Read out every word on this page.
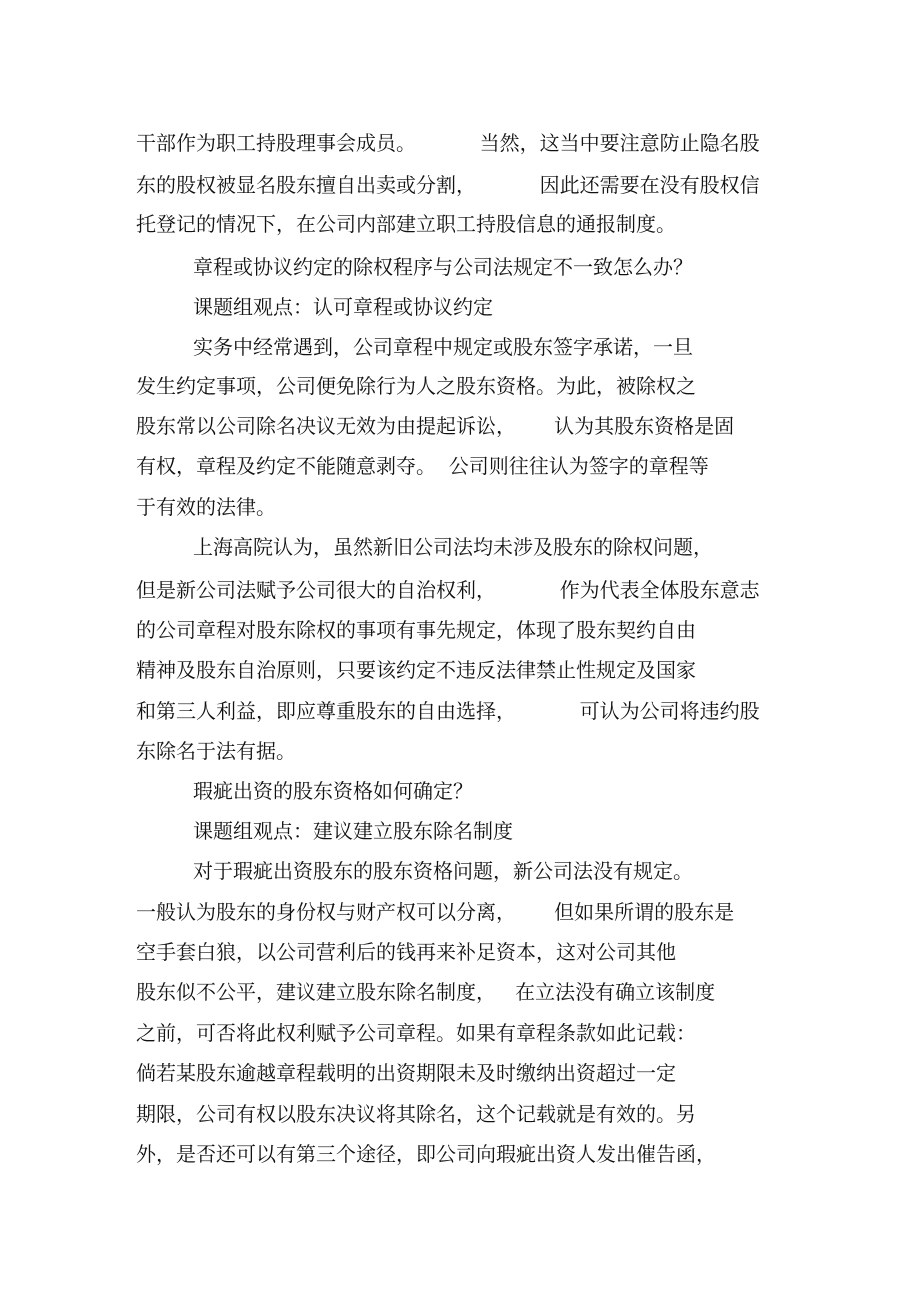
干部作为职工持股理事会成员。          当然，这当中要注意防止隐名股
东的股权被显名股东擅自出卖或分割，          因此还需要在没有股权信
托登记的情况下，在公司内部建立职工持股信息的通报制度。
章程或协议约定的除权程序与公司法规定不一致怎么办？
课题组观点：认可章程或协议约定
实务中经常遇到，公司章程中规定或股东签字承诺，一旦
发生约定事项，公司便免除行为人之股东资格。为此，被除权之
股东常以公司除名决议无效为由提起诉讼，      认为其股东资格是固
有权，章程及约定不能随意剥夺。  公司则往往认为签字的章程等
于有效的法律。
上海高院认为，虽然新旧公司法均未涉及股东的除权问题，
但是新公司法赋予公司很大的自治权利，          作为代表全体股东意志
的公司章程对股东除权的事项有事先规定，体现了股东契约自由
精神及股东自治原则，只要该约定不违反法律禁止性规定及国家
和第三人利益，即应尊重股东的自由选择，          可认为公司将违约股
东除名于法有据。
瑕疵出资的股东资格如何确定？
课题组观点：建议建立股东除名制度
对于瑕疵出资股东的股东资格问题，新公司法没有规定。
一般认为股东的身份权与财产权可以分离，      但如果所谓的股东是
空手套白狼，以公司营利后的钱再来补足资本，这对公司其他
股东似不公平，建议建立股东除名制度，   在立法没有确立该制度
之前，可否将此权利赋予公司章程。如果有章程条款如此记载：
倘若某股东逾越章程载明的出资期限未及时缴纳出资超过一定
期限，公司有权以股东决议将其除名，这个记载就是有效的。另
外，是否还可以有第三个途径，即公司向瑕疵出资人发出催告函，
